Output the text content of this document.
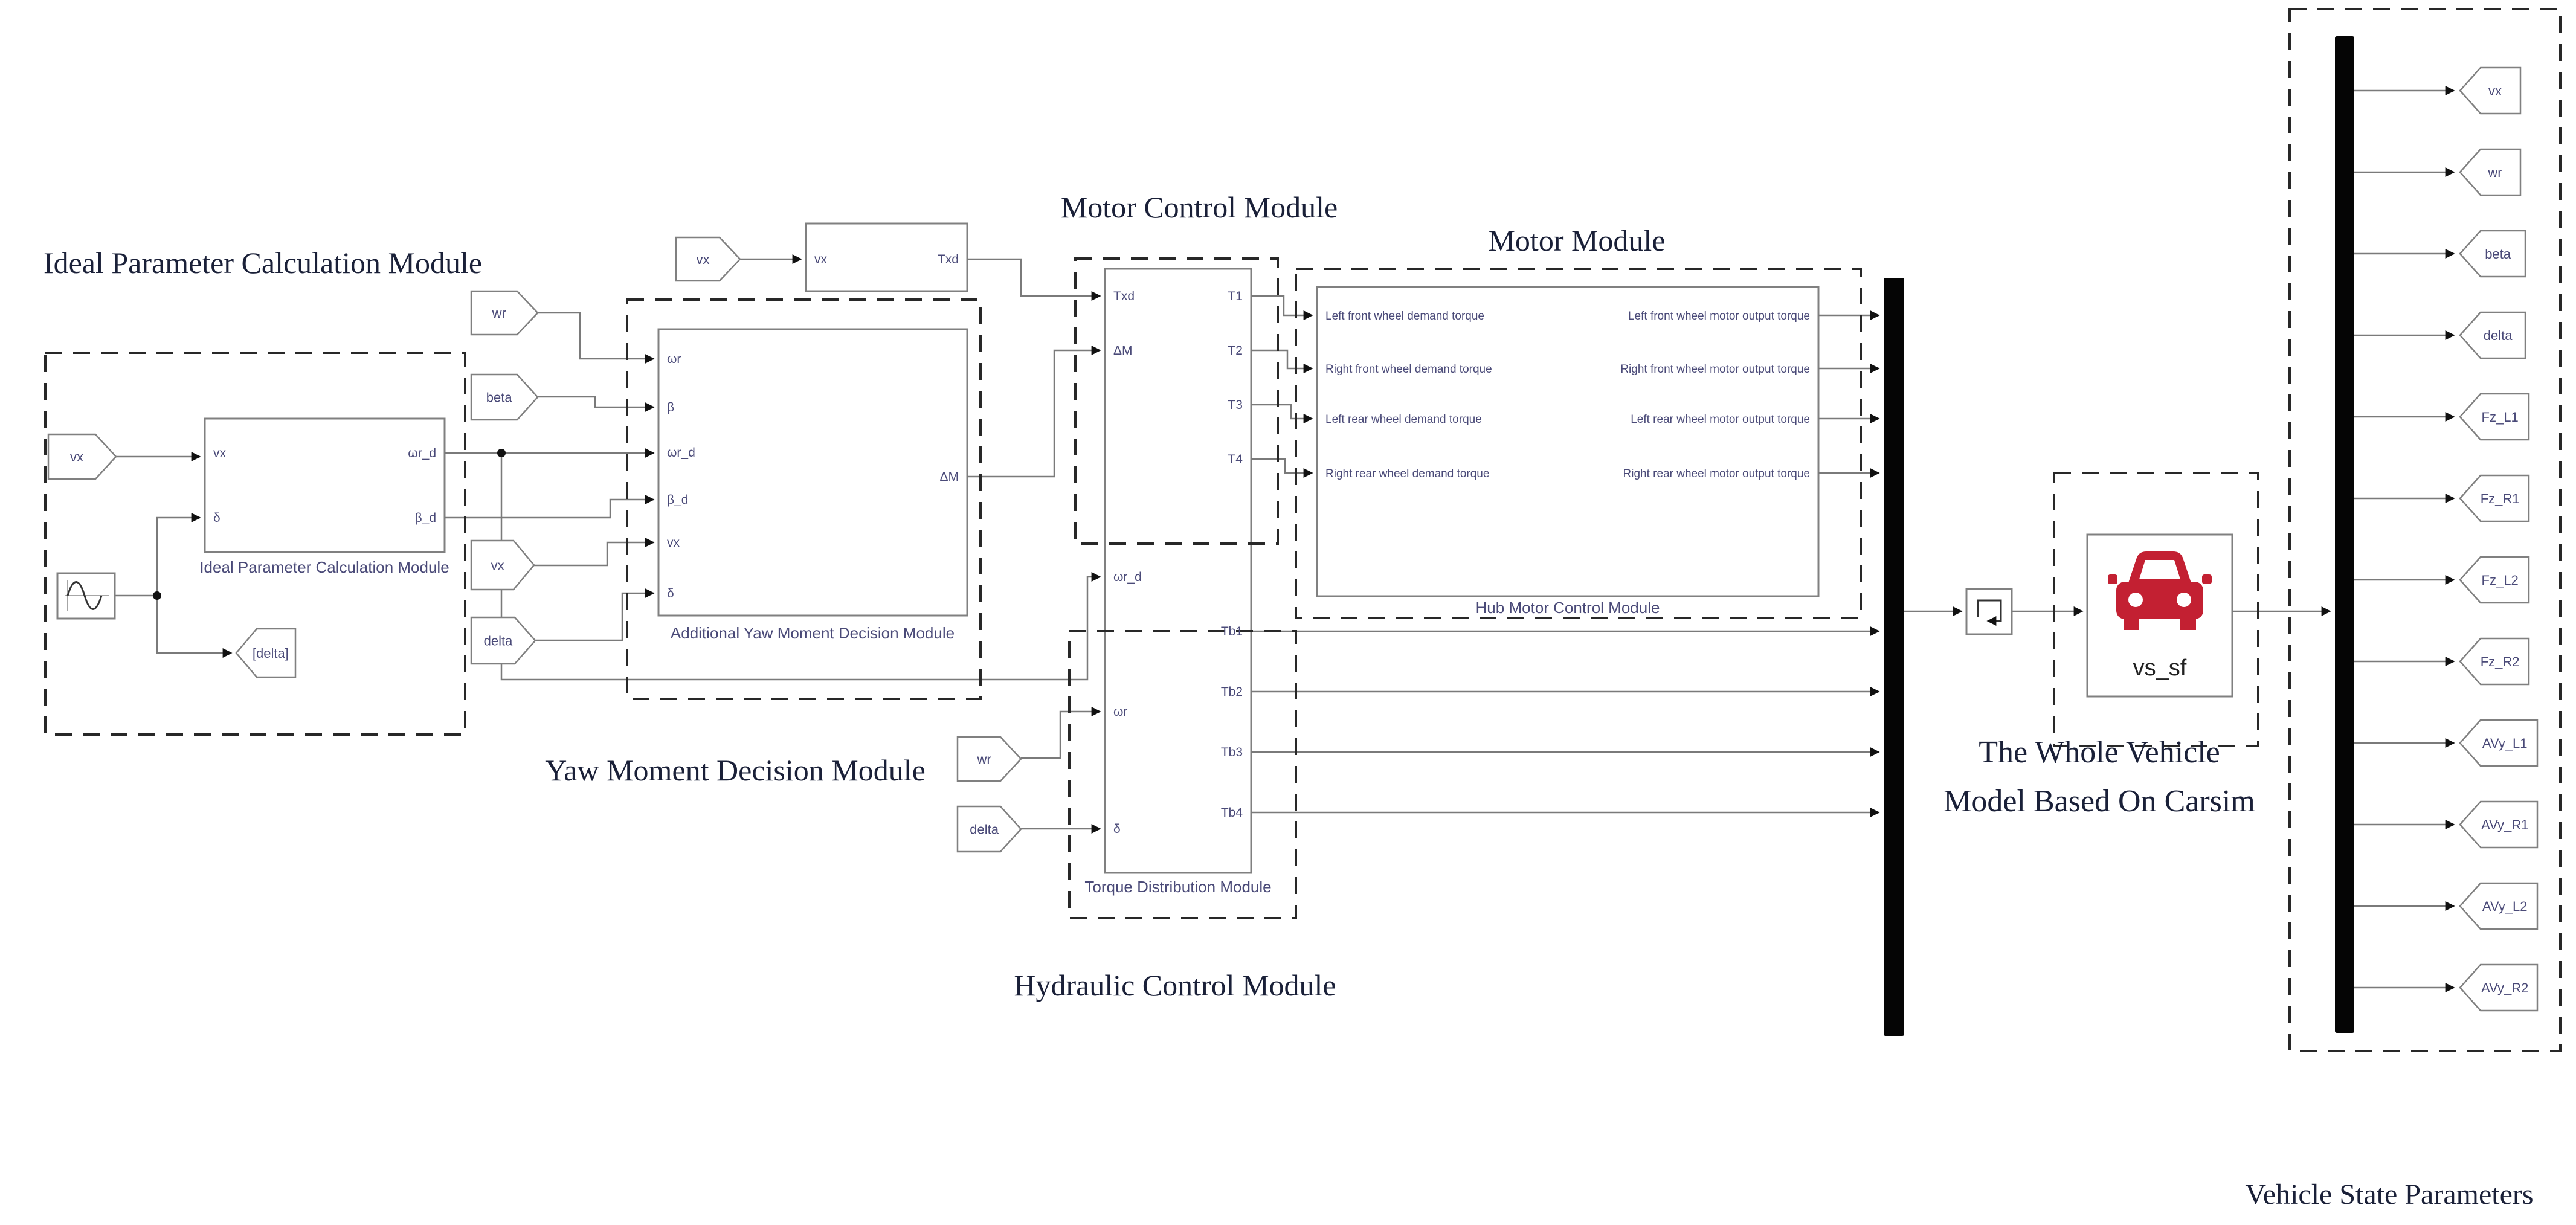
vx
δ
ωr_d
β_d
Ideal Parameter Calculation Module
vx	Txd
ωr
β
ωr_d
β_d
vx
δ
ΔM
Additional Yaw Moment Decision Module
Txd
ΔM
ωr_d
ωr
δ
T1
T2
T3
T4
Tb1
Tb2
Tb3
Tb4
Torque Distribution Module
Left front wheel demand torque
Right front wheel demand torque
Left rear wheel demand torque
Right rear wheel demand torque
Left front wheel motor output torque
Right front wheel motor output torque
Left rear wheel motor output torque
Right rear wheel motor output torque
Hub Motor Control Module
vx
[delta]
wr
beta
vx
delta
vx
wr
delta
vx
wr
beta
delta
Fz_L1
Fz_R1
Fz_L2
Fz_R2
AVy_L1
AVy_R1
AVy_L2
AVy_R2
vs_sf
Ideal Parameter Calculation Module
Motor Control Module
Motor Module
Yaw Moment Decision Module
Hydraulic Control Module
The Whole Vehicle
Model Based On Carsim
Vehicle State Parameters
